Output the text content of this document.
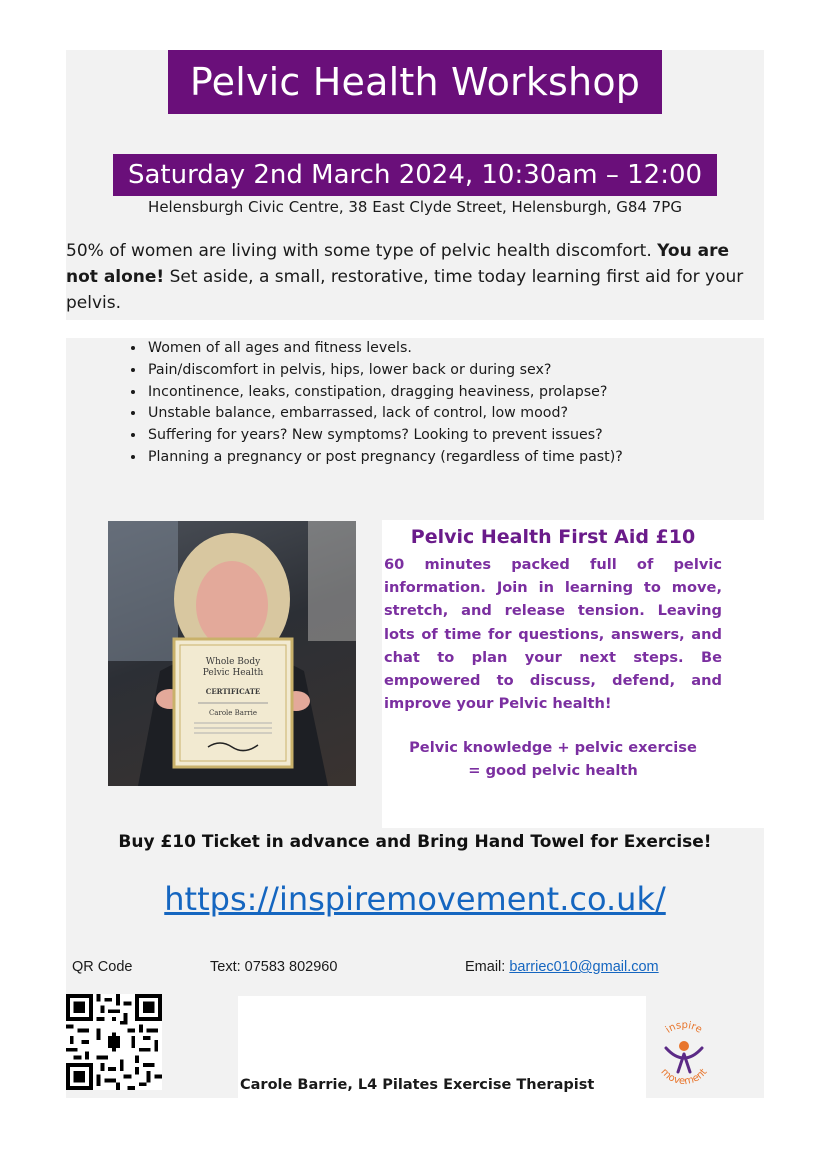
Pelvic Health Workshop
Saturday 2nd March 2024, 10:30am – 12:00
Helensburgh Civic Centre, 38 East Clyde Street, Helensburgh, G84 7PG
50% of women are living with some type of pelvic health discomfort. You are not alone! Set aside, a small, restorative, time today learning first aid for your pelvis.
• Women of all ages and fitness levels.
• Pain/discomfort in pelvis, hips, lower back or during sex?
• Incontinence, leaks, constipation, dragging heaviness, prolapse?
• Unstable balance, embarrassed, lack of control, low mood?
• Suffering for years? New symptoms? Looking to prevent issues?
• Planning a pregnancy or post pregnancy (regardless of time past)?
Whole Body
Pelvic Health
CERTIFICATE
Carole Barrie
Pelvic Health First Aid £10
60 minutes packed full of pelvic information. Join in learning to move, stretch, and release tension. Leaving lots of time for questions, answers, and chat to plan your next steps. Be empowered to discuss, defend, and improve your Pelvic health!
Pelvic knowledge + pelvic exercise
= good pelvic health
Buy £10 Ticket in advance and Bring Hand Towel for Exercise!
https://inspiremovement.co.uk/
QR Code	Text: 07583 802960	Email: barriec010@gmail.com
Carole Barrie, L4 Pilates Exercise Therapist
inspire
movement
